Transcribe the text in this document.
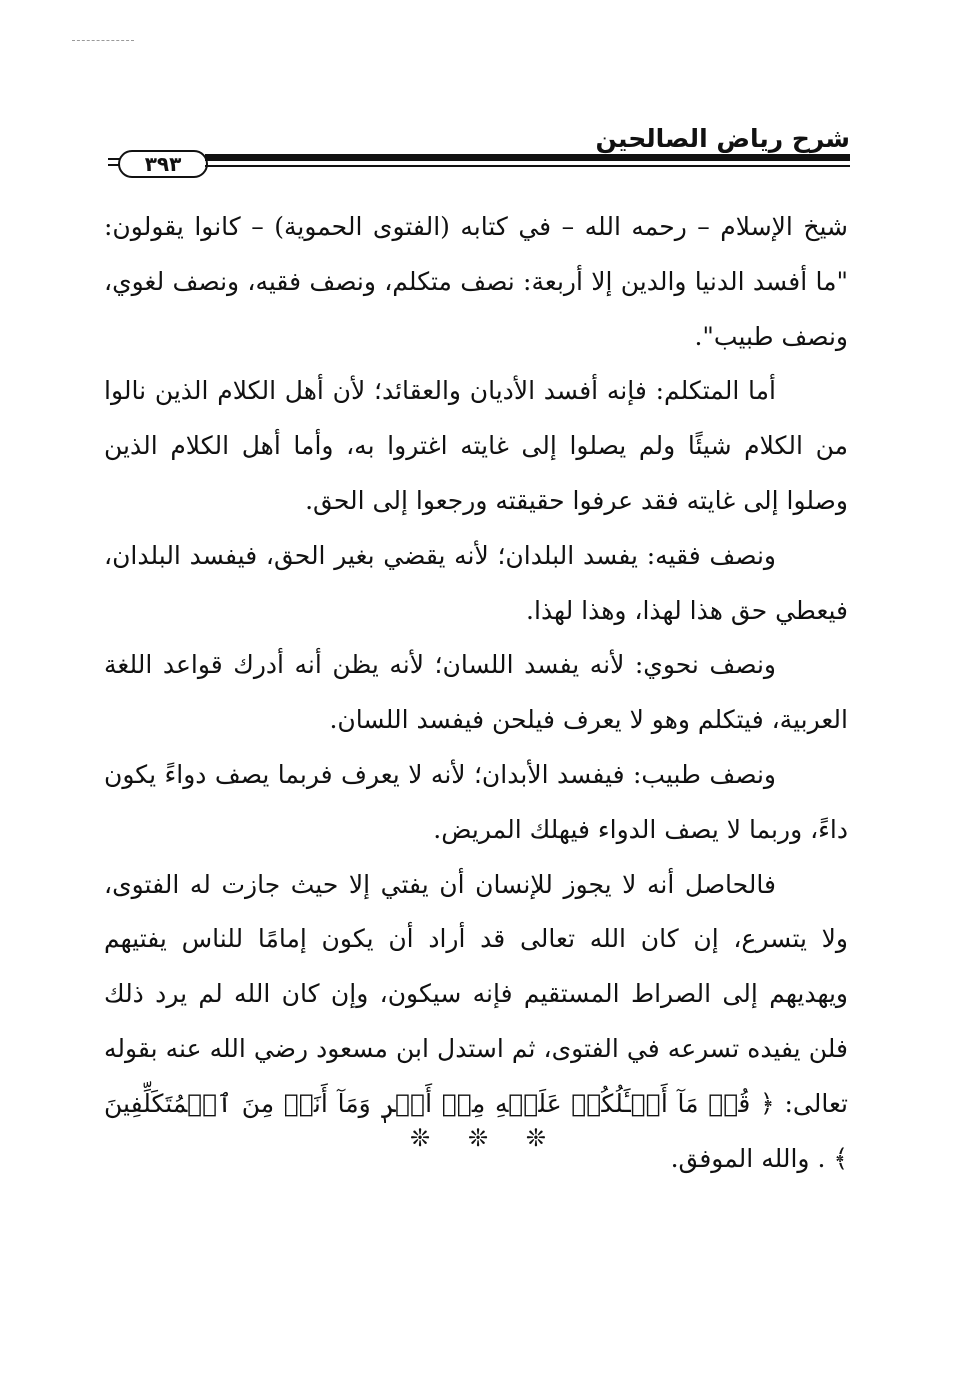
شرح رياض الصالحين
٣٩٣

شيخ الإسلام – رحمه الله – في كتابه (الفتوى الحموية) – كانوا يقولون: "ما أفسد الدنيا والدين إلا أربعة: نصف متكلم، ونصف فقيه، ونصف لغوي، ونصف طبيب".

أما المتكلم: فإنه أفسد الأديان والعقائد؛ لأن أهل الكلام الذين نالوا من الكلام شيئًا ولم يصلوا إلى غايته اغتروا به، وأما أهل الكلام الذين وصلوا إلى غايته فقد عرفوا حقيقته ورجعوا إلى الحق.

ونصف فقيه: يفسد البلدان؛ لأنه يقضي بغير الحق، فيفسد البلدان، فيعطي حق هذا لهذا، وهذا لهذا.

ونصف نحوي: لأنه يفسد اللسان؛ لأنه يظن أنه أدرك قواعد اللغة العربية، فيتكلم وهو لا يعرف فيلحن فيفسد اللسان.

ونصف طبيب: فيفسد الأبدان؛ لأنه لا يعرف فربما يصف دواءً يكون داءً، وربما لا يصف الدواء فيهلك المريض.

فالحاصل أنه لا يجوز للإنسان أن يفتي إلا حيث جازت له الفتوى، ولا يتسرع، إن كان الله تعالى قد أراد أن يكون إمامًا للناس يفتيهم ويهديهم إلى الصراط المستقيم فإنه سيكون، وإن كان الله لم يرد ذلك فلن يفيده تسرعه في الفتوى، ثم استدل ابن مسعود رضي الله عنه بقوله تعالى: ﴿ قُلۡ مَآ أَسۡـَٔلُكُمۡ عَلَيۡهِ مِنۡ أَجۡرٖ وَمَآ أَنَا۠ مِنَ ٱلۡمُتَكَلِّفِينَ ﴾ . والله الموفق.

❊ ❊ ❊
